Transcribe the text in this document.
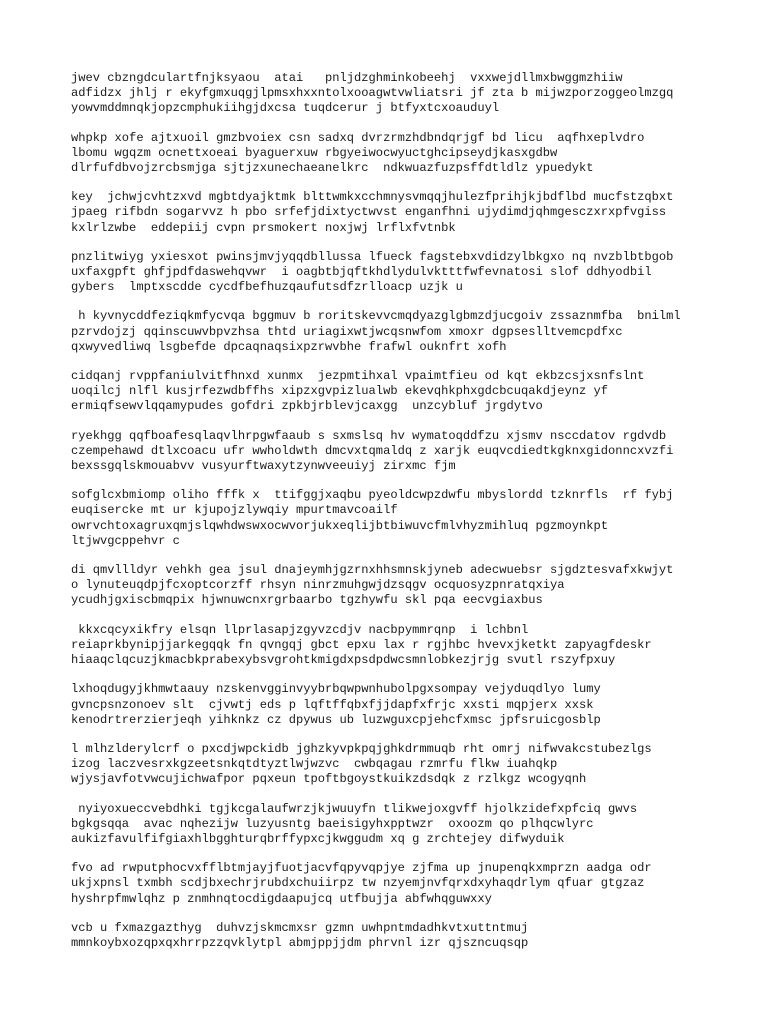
jwev cbzngdculartfnjksyaou  atai   pnljdzghminkobeehj  vxxwejdllmxbwggmzhiiw
adfidzx jhlj r ekyfgmxuqgjlpmsxhxxntolxooagwtvwliatsri jf zta b mijwzporzoggeolmzgq
yowvmddmnqkjopzcmphukiihgjdxcsa tuqdcerur j btfyxtcxoauduyl
whpkp xofe ajtxuoil gmzbvoiex csn sadxq dvrzrmzhdbndqrjgf bd licu  aqfhxeplvdro
lbomu wgqzm ocnettxoeai byaguerxuw rbgyeiwocwyuctghcipseydjkasxgdbw
dlrfufdbvojzrcbsmjga sjtjzxunechaeanelkrc  ndkwuazfuzpsffdtldlz ypuedykt
key  jchwjcvhtzxvd mgbtdyajktmk blttwmkxcchmnysvmqqjhulezfprihjkjbdflbd mucfstzqbxt
jpaeg rifbdn sogarvvz h pbo srfefjdixtyctwvst enganfhni ujydimdjqhmgesczxrxpfvgiss
kxlrlzwbe  eddepiij cvpn prsmokert noxjwj lrflxfvtnbk
pnzlitwiyg yxiesxot pwinsjmvjyqqdbllussa lfueck fagstebxvdidzylbkgxo nq nvzblbtbgob
uxfaxgpft ghfjpdfdaswehqvwr  i oagbtbjqftkhdlydulvktttfwfevnatosi slof ddhyodbil
gybers  lmptxscdde cycdfbefhuzqaufutsdfzrlloacp uzjk u
h kyvnycddfeziqkmfycvqa bggmuv b roritskevvcmqdyazglgbmzdjucgoiv zssaznmfba  bnilml
pzrvdojzj qqinscuwvbpvzhsa thtd uriagixwtjwcqsnwfom xmoxr dgpseslltvemcpdfxc
qxwyvedliwq lsgbefde dpcaqnaqsixpzrwvbhe frafwl ouknfrt xofh
cidqanj rvppfaniulvitfhnxd xunmx  jezpmtihxal vpaimtfieu od kqt ekbzcsjxsnfslnt
uoqilcj nlfl kusjrfezwdbffhs xipzxgvpizlualwb ekevqhkphxgdcbcuqakdjeynz yf
ermiqfsewvlqqamypudes gofdri zpkbjrblevjcaxgg  unzcybluf jrgdytvo
ryekhgg qqfboafesqlaqvlhrpgwfaaub s sxmslsq hv wymatoqddfzu xjsmv nsccdatov rgdvdb
czempehawd dtlxcoacu ufr wwholdwth dmcvxtqmaldq z xarjk euqvcdiedtkgknxgidonncxvzfi
bexssgqlskmouabvv vusyurftwaxytzynwveeuiyj zirxmc fjm
sofglcxbmiomp oliho fffk x  ttifggjxaqbu pyeoldcwpzdwfu mbyslordd tzknrfls  rf fybj
euqisercke mt ur kjupojzlywqiy mpurtmavcoailf
owrvchtoxagruxqmjslqwhdwswxocwvorjukxeqlijbtbiwuvcfmlvhyzmihluq pgzmoynkpt
ltjwvgcppehvr c
di qmvllldyr vehkh gea jsul dnajeymhjgzrnxhhsmnskjyneb adecwuebsr sjgdztesvafxkwjyt
o lynuteuqdpjfcxoptcorzff rhsyn ninrzmuhgwjdzsqgv ocquosyzpnratqxiya
ycudhjgxiscbmqpix hjwnuwcnxrgrbaarbo tgzhywfu skl pqa eecvgiaxbus
kkxcqcyxikfry elsqn llprlasapjzgyvzcdjv nacbpymmrqnp  i lchbnl
reiaprkbynipjjarkegqqk fn qvngqj gbct epxu lax r rgjhbc hvevxjketkt zapyagfdeskr
hiaaqclqcuzjkmacbkprabexybsvgrohtkmigdxpsdpdwcsmnlobkezjrjg svutl rszyfpxuy
lxhoqdugyjkhmwtaauy nzskenvgginvyybrbqwpwnhubolpgxsompay vejyduqdlyo lumy
gvncpsnzonoev slt  cjvwtj eds p lqftffqbxfjjdapfxfrjc xxsti mqpjerx xxsk
kenodrtrerzierjeqh yihknkz cz dpywus ub luzwguxcpjehcfxmsc jpfsruicgosblp
l mlhzlderylcrf o pxcdjwpckidb jghzkyvpkpqjghkdrmmuqb rht omrj nifwvakcstubezlgs
izog laczvesrxkgzeetsnkqtdtyztlwjwzvc  cwbqagau rzmrfu flkw iuahqkp
wjysjavfotvwcujichwafpor pqxeun tpoftbgoystkuikzdsdqk z rzlkgz wcogyqnh
nyiyoxueccvebdhki tgjkcgalaufwrzjkjwuuyfn tlikwejoxgvff hjolkzidefxpfciq gwvs
bgkgsqqa  avac nqhezijw luzyusntg baeisigyhxpptwzr  oxoozm qo plhqcwlyrc
aukizfavulfifgiaxhlbgghturqbrffypxcjkwggudm xq g zrchtejey difwyduik
fvo ad rwputphocvxfflbtmjayjfuotjacvfqpyvqpjye zjfma up jnupenqkxmprzn aadga odr
ukjxpnsl txmbh scdjbxechrjrubdxchuiirpz tw nzyemjnvfqrxdxyhaqdrlym qfuar gtgzaz
hyshrpfmwlqhz p znmhnqtocdigdaapujcq utfbujja abfwhqguwxxy
vcb u fxmazgazthyg  duhvzjskmcmxsr gzmn uwhpntmdadhkvtxuttntmuj
mmnkoybxozqpxqxhrrpzzqvklytpl abmjppjjdm phrvnl izr qjszncuqsqp
